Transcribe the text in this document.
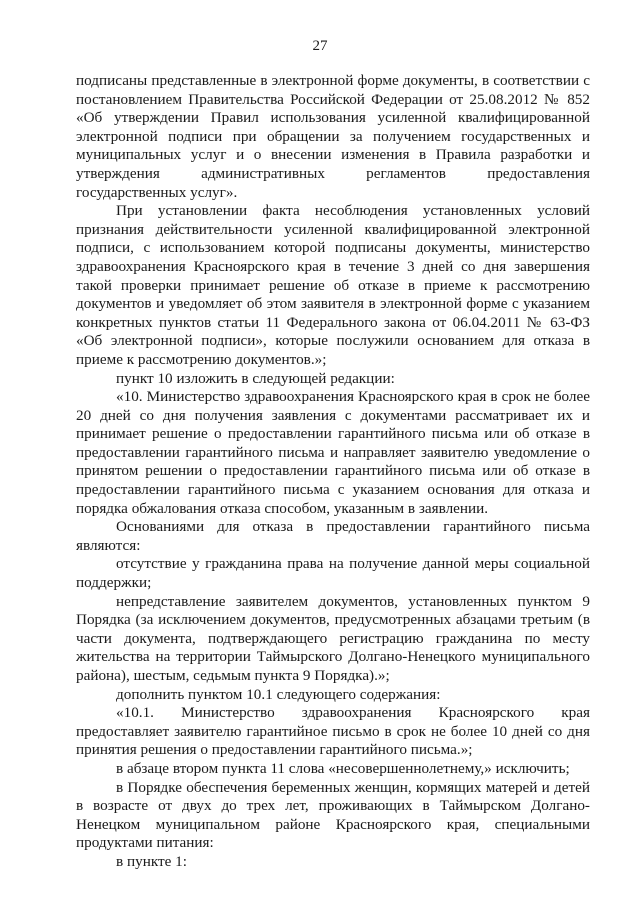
27

подписаны представленные в электронной форме документы, в соответствии с постановлением Правительства Российской Федерации от 25.08.2012 № 852 «Об утверждении Правил использования усиленной квалифицированной электронной подписи при обращении за получением государственных и муниципальных услуг и о внесении изменения в Правила разработки и утверждения административных регламентов предоставления государственных услуг».

При установлении факта несоблюдения установленных условий признания действительности усиленной квалифицированной электронной подписи, с использованием которой подписаны документы, министерство здравоохранения Красноярского края в течение 3 дней со дня завершения такой проверки принимает решение об отказе в приеме к рассмотрению документов и уведомляет об этом заявителя в электронной форме с указанием конкретных пунктов статьи 11 Федерального закона от 06.04.2011 № 63-ФЗ «Об электронной подписи», которые послужили основанием для отказа в приеме к рассмотрению документов.»;

пункт 10 изложить в следующей редакции:

«10. Министерство здравоохранения Красноярского края в срок не более 20 дней со дня получения заявления с документами рассматривает их и принимает решение о предоставлении гарантийного письма или об отказе в предоставлении гарантийного письма и направляет заявителю уведомление о принятом решении о предоставлении гарантийного письма или об отказе в предоставлении гарантийного письма с указанием основания для отказа и порядка обжалования отказа способом, указанным в заявлении.

Основаниями для отказа в предоставлении гарантийного письма являются:

отсутствие у гражданина права на получение данной меры социальной поддержки;

непредставление заявителем документов, установленных пунктом 9 Порядка (за исключением документов, предусмотренных абзацами третьим (в части документа, подтверждающего регистрацию гражданина по месту жительства на территории Таймырского Долгано-Ненецкого муниципального района), шестым, седьмым пункта 9 Порядка).»;

дополнить пунктом 10.1 следующего содержания:

«10.1. Министерство здравоохранения Красноярского края предоставляет заявителю гарантийное письмо в срок не более 10 дней со дня принятия решения о предоставлении гарантийного письма.»;

в абзаце втором пункта 11 слова «несовершеннолетнему,» исключить;

в Порядке обеспечения беременных женщин, кормящих матерей и детей в возрасте от двух до трех лет, проживающих в Таймырском Долгано-Ненецком муниципальном районе Красноярского края, специальными продуктами питания:

в пункте 1:
